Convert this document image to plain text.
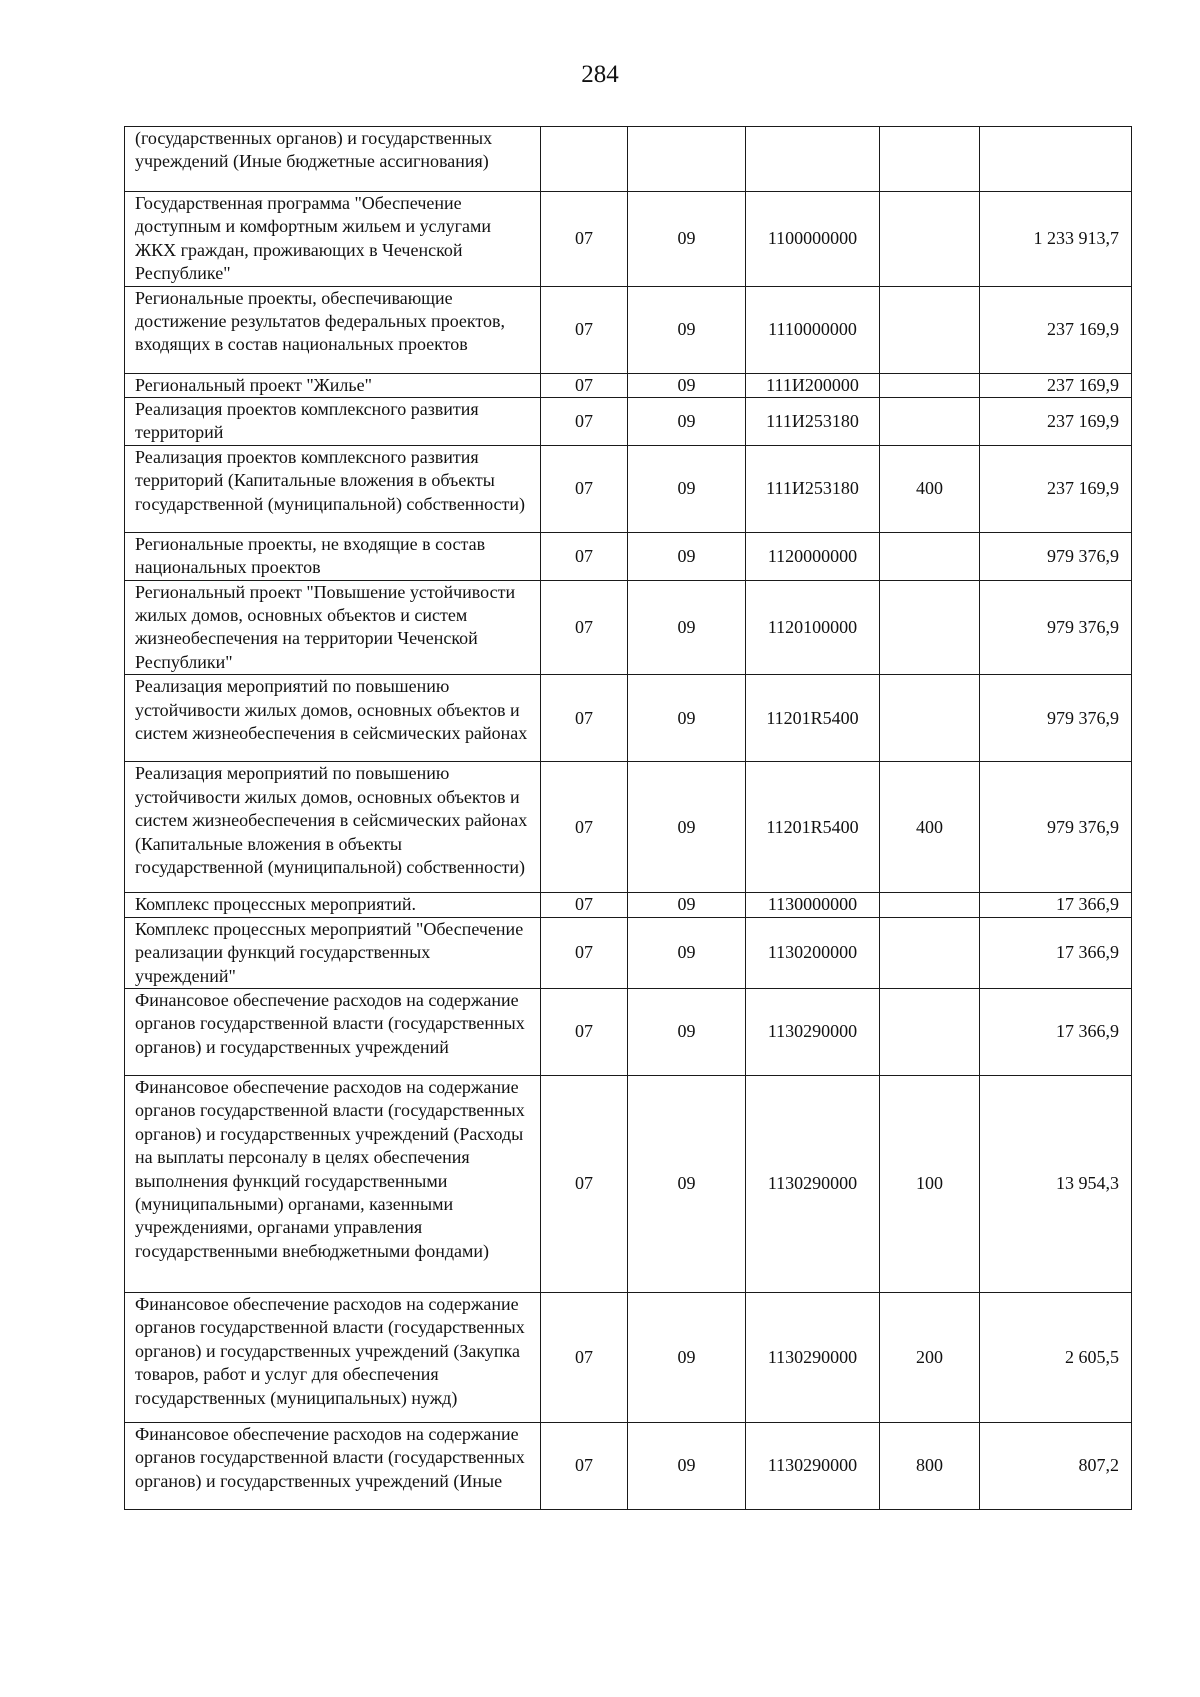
284
(государственных органов) и государственных учреждений (Иные бюджетные ассигнования)					
Государственная программа "Обеспечение доступным и комфортным жильем и услугами ЖКХ граждан, проживающих в Чеченской Республике"	07	09	1100000000		1 233 913,7
Региональные проекты, обеспечивающие достижение результатов федеральных проектов, входящих в состав национальных проектов	07	09	1110000000		237 169,9
Региональный проект "Жилье"	07	09	111И200000		237 169,9
Реализация проектов комплексного развития территорий	07	09	111И253180		237 169,9
Реализация проектов комплексного развития территорий (Капитальные вложения в объекты государственной (муниципальной) собственности)	07	09	111И253180	400	237 169,9
Региональные проекты, не входящие в состав национальных проектов	07	09	1120000000		979 376,9
Региональный проект "Повышение устойчивости жилых домов, основных объектов и систем жизнеобеспечения на территории Чеченской Республики"	07	09	1120100000		979 376,9
Реализация мероприятий по повышению устойчивости жилых домов, основных объектов и систем жизнеобеспечения в сейсмических районах	07	09	11201R5400		979 376,9
Реализация мероприятий по повышению устойчивости жилых домов, основных объектов и систем жизнеобеспечения в сейсмических районах (Капитальные вложения в объекты государственной (муниципальной) собственности)	07	09	11201R5400	400	979 376,9
Комплекс процессных мероприятий.	07	09	1130000000		17 366,9
Комплекс процессных мероприятий "Обеспечение реализации функций государственных учреждений"	07	09	1130200000		17 366,9
Финансовое обеспечение расходов на содержание органов государственной власти (государственных органов) и государственных учреждений	07	09	1130290000		17 366,9
Финансовое обеспечение расходов на содержание органов государственной власти (государственных органов) и государственных учреждений (Расходы на выплаты персоналу в целях обеспечения выполнения функций государственными (муниципальными) органами, казенными учреждениями, органами управления государственными внебюджетными фондами)	07	09	1130290000	100	13 954,3
Финансовое обеспечение расходов на содержание органов государственной власти (государственных органов) и государственных учреждений (Закупка товаров, работ и услуг для обеспечения государственных (муниципальных) нужд)	07	09	1130290000	200	2 605,5
Финансовое обеспечение расходов на содержание органов государственной власти (государственных органов) и государственных учреждений (Иные	07	09	1130290000	800	807,2
